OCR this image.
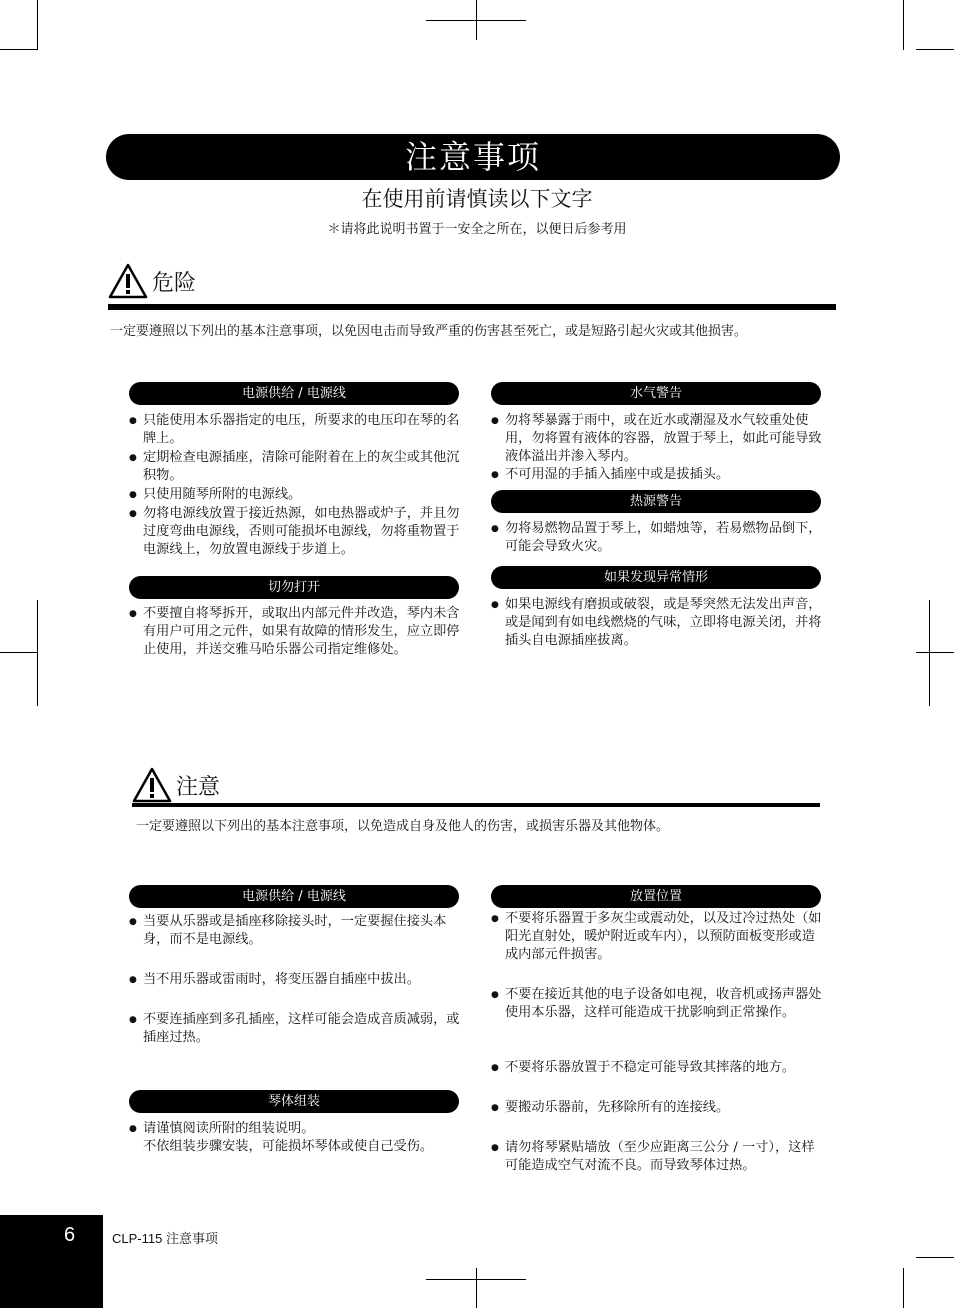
注意事项
在使用前请慎读以下文字
＊请将此说明书置于一安全之所在，以便日后参考用
危险
一定要遵照以下列出的基本注意事项，以免因电击而导致严重的伤害甚至死亡，或是短路引起火灾或其他损害。
电源供给 / 电源线
● 只能使用本乐器指定的电压，所要求的电压印在琴的名牌上。
● 定期检查电源插座，清除可能附着在上的灰尘或其他沉积物。
● 只使用随琴所附的电源线。
● 勿将电源线放置于接近热源，如电热器或炉子，并且勿过度弯曲电源线，否则可能损坏电源线，勿将重物置于电源线上，勿放置电源线于步道上。
切勿打开
● 不要擅自将琴拆开，或取出内部元件并改造，琴内未含有用户可用之元件，如果有故障的情形发生，应立即停止使用，并送交雅马哈乐器公司指定维修处。
水气警告
● 勿将琴暴露于雨中，或在近水或潮湿及水气较重处使用，勿将置有液体的容器，放置于琴上，如此可能导致液体溢出并渗入琴内。
● 不可用湿的手插入插座中或是拔插头。
热源警告
● 勿将易燃物品置于琴上，如蜡烛等，若易燃物品倒下，可能会导致火灾。
如果发现异常情形
● 如果电源线有磨损或破裂，或是琴突然无法发出声音，或是闻到有如电线燃烧的气味，立即将电源关闭，并将插头自电源插座拔离。
注意
一定要遵照以下列出的基本注意事项，以免造成自身及他人的伤害，或损害乐器及其他物体。
电源供给 / 电源线
● 当要从乐器或是插座移除接头时，一定要握住接头本身，而不是电源线。
● 当不用乐器或雷雨时，将变压器自插座中拔出。
● 不要连插座到多孔插座，这样可能会造成音质减弱，或插座过热。
琴体组装
● 请谨慎阅读所附的组装说明。
不依组装步骤安装，可能损坏琴体或使自己受伤。
放置位置
● 不要将乐器置于多灰尘或震动处，以及过冷过热处（如阳光直射处，暖炉附近或车内），以预防面板变形或造成内部元件损害。
● 不要在接近其他的电子设备如电视，收音机或扬声器处使用本乐器，这样可能造成干扰影响到正常操作。
● 不要将乐器放置于不稳定可能导致其摔落的地方。
● 要搬动乐器前，先移除所有的连接线。
● 请勿将琴紧贴墙放（至少应距离三公分 / 一寸），这样可能造成空气对流不良。而导致琴体过热。
6	CLP-115 注意事项
